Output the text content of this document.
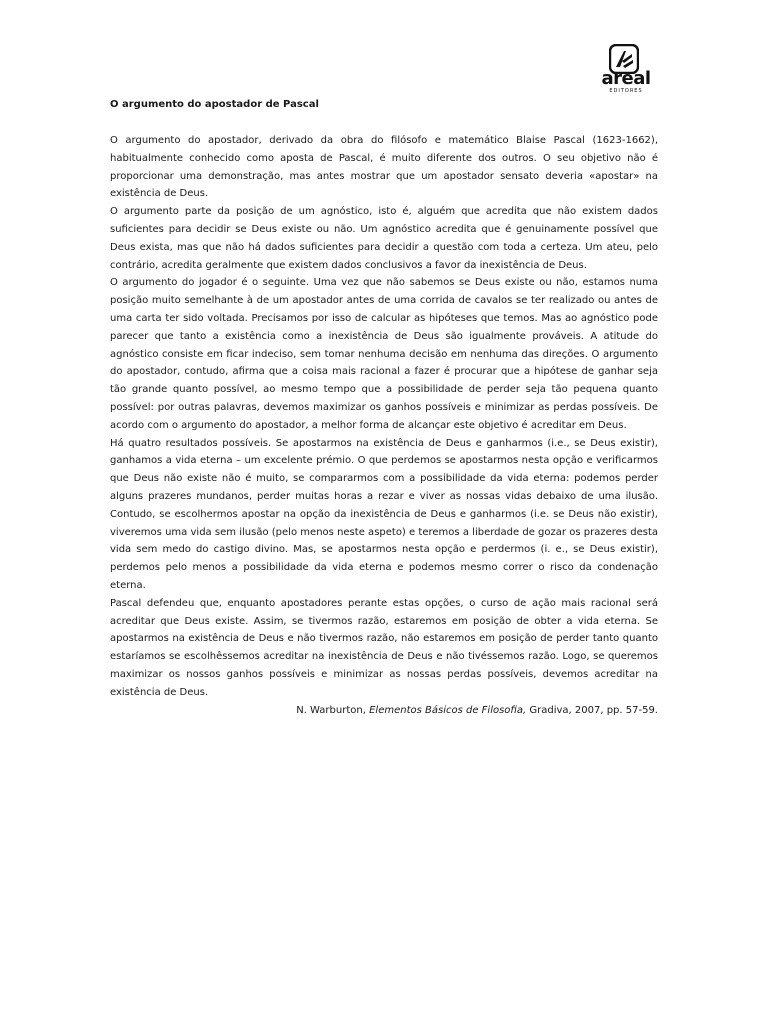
areal
EDITORES

O argumento do apostador de Pascal

O argumento do apostador, derivado da obra do filósofo e matemático Blaise Pascal (1623-1662), habitualmente conhecido como aposta de Pascal, é muito diferente dos outros. O seu objetivo não é proporcionar uma demonstração, mas antes mostrar que um apostador sensato deveria «apostar» na existência de Deus.

O argumento parte da posição de um agnóstico, isto é, alguém que acredita que não existem dados suficientes para decidir se Deus existe ou não. Um agnóstico acredita que é genuinamente possível que Deus exista, mas que não há dados suficientes para decidir a questão com toda a certeza. Um ateu, pelo contrário, acredita geralmente que existem dados conclusivos a favor da inexistência de Deus.

O argumento do jogador é o seguinte. Uma vez que não sabemos se Deus existe ou não, estamos numa posição muito semelhante à de um apostador antes de uma corrida de cavalos se ter realizado ou antes de uma carta ter sido voltada. Precisamos por isso de calcular as hipóteses que temos. Mas ao agnóstico pode parecer que tanto a existência como a inexistência de Deus são igualmente prováveis. A atitude do agnóstico consiste em ficar indeciso, sem tomar nenhuma decisão em nenhuma das direções. O argumento do apostador, contudo, afirma que a coisa mais racional a fazer é procurar que a hipótese de ganhar seja tão grande quanto possível, ao mesmo tempo que a possibilidade de perder seja tão pequena quanto possível: por outras palavras, devemos maximizar os ganhos possíveis e minimizar as perdas possíveis. De acordo com o argumento do apostador, a melhor forma de alcançar este objetivo é acreditar em Deus.

Há quatro resultados possíveis. Se apostarmos na existência de Deus e ganharmos (i.e., se Deus existir), ganhamos a vida eterna – um excelente prémio. O que perdemos se apostarmos nesta opção e verificarmos que Deus não existe não é muito, se compararmos com a possibilidade da vida eterna: podemos perder alguns prazeres mundanos, perder muitas horas a rezar e viver as nossas vidas debaixo de uma ilusão. Contudo, se escolhermos apostar na opção da inexistência de Deus e ganharmos (i.e. se Deus não existir), viveremos uma vida sem ilusão (pelo menos neste aspeto) e teremos a liberdade de gozar os prazeres desta vida sem medo do castigo divino. Mas, se apostarmos nesta opção e perdermos (i. e., se Deus existir), perdemos pelo menos a possibilidade da vida eterna e podemos mesmo correr o risco da condenação eterna.

Pascal defendeu que, enquanto apostadores perante estas opções, o curso de ação mais racional será acreditar que Deus existe. Assim, se tivermos razão, estaremos em posição de obter a vida eterna. Se apostarmos na existência de Deus e não tivermos razão, não estaremos em posição de perder tanto quanto estaríamos se escolhêssemos acreditar na inexistência de Deus e não tivéssemos razão. Logo, se queremos maximizar os nossos ganhos possíveis e minimizar as nossas perdas possíveis, devemos acreditar na existência de Deus.

N. Warburton, Elementos Básicos de Filosofia, Gradiva, 2007, pp. 57-59.
